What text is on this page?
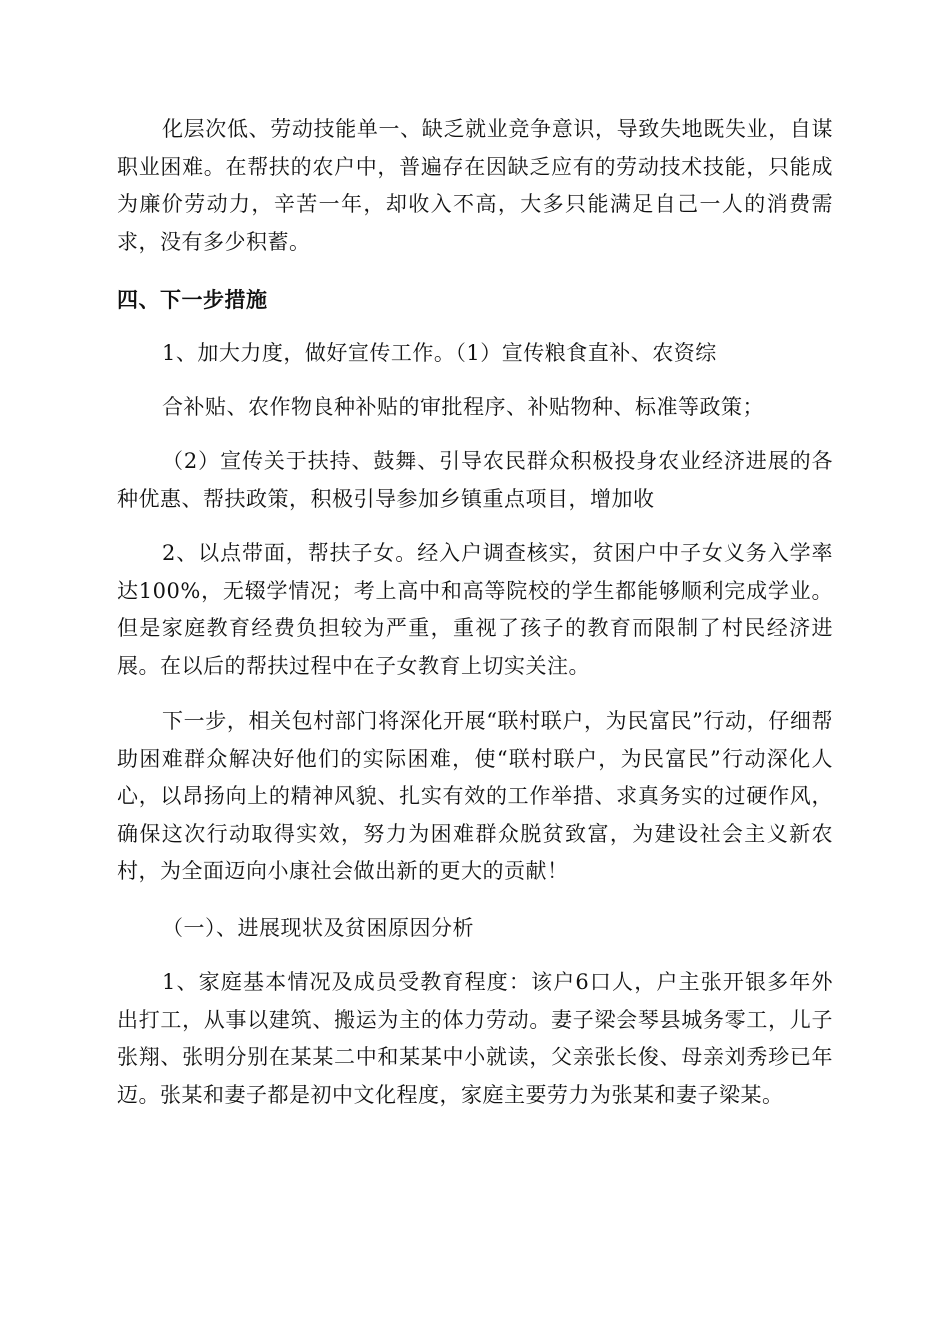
化层次低、劳动技能单一、缺乏就业竞争意识，导致失地既失业，自谋职业困难。在帮扶的农户中，普遍存在因缺乏应有的劳动技术技能，只能成为廉价劳动力，辛苦一年，却收入不高，大多只能满足自己一人的消费需求，没有多少积蓄。

四、下一步措施

1、加大力度，做好宣传工作。（1）宣传粮食直补、农资综

合补贴、农作物良种补贴的审批程序、补贴物种、标准等政策；

（2）宣传关于扶持、鼓舞、引导农民群众积极投身农业经济进展的各种优惠、帮扶政策，积极引导参加乡镇重点项目，增加收

2、以点带面，帮扶子女。经入户调查核实，贫困户中子女义务入学率达100%，无辍学情况；考上高中和高等院校的学生都能够顺利完成学业。但是家庭教育经费负担较为严重，重视了孩子的教育而限制了村民经济进展。在以后的帮扶过程中在子女教育上切实关注。

下一步，相关包村部门将深化开展“联村联户，为民富民”行动，仔细帮助困难群众解决好他们的实际困难，使“联村联户，为民富民”行动深化人心，以昂扬向上的精神风貌、扎实有效的工作举措、求真务实的过硬作风，确保这次行动取得实效，努力为困难群众脱贫致富，为建设社会主义新农村，为全面迈向小康社会做出新的更大的贡献！

（一）、进展现状及贫困原因分析

1、家庭基本情况及成员受教育程度：该户6口人，户主张开银多年外出打工，从事以建筑、搬运为主的体力劳动。妻子梁会琴县城务零工，儿子张翔、张明分别在某某二中和某某中小就读，父亲张长俊、母亲刘秀珍已年迈。张某和妻子都是初中文化程度，家庭主要劳力为张某和妻子梁某。
